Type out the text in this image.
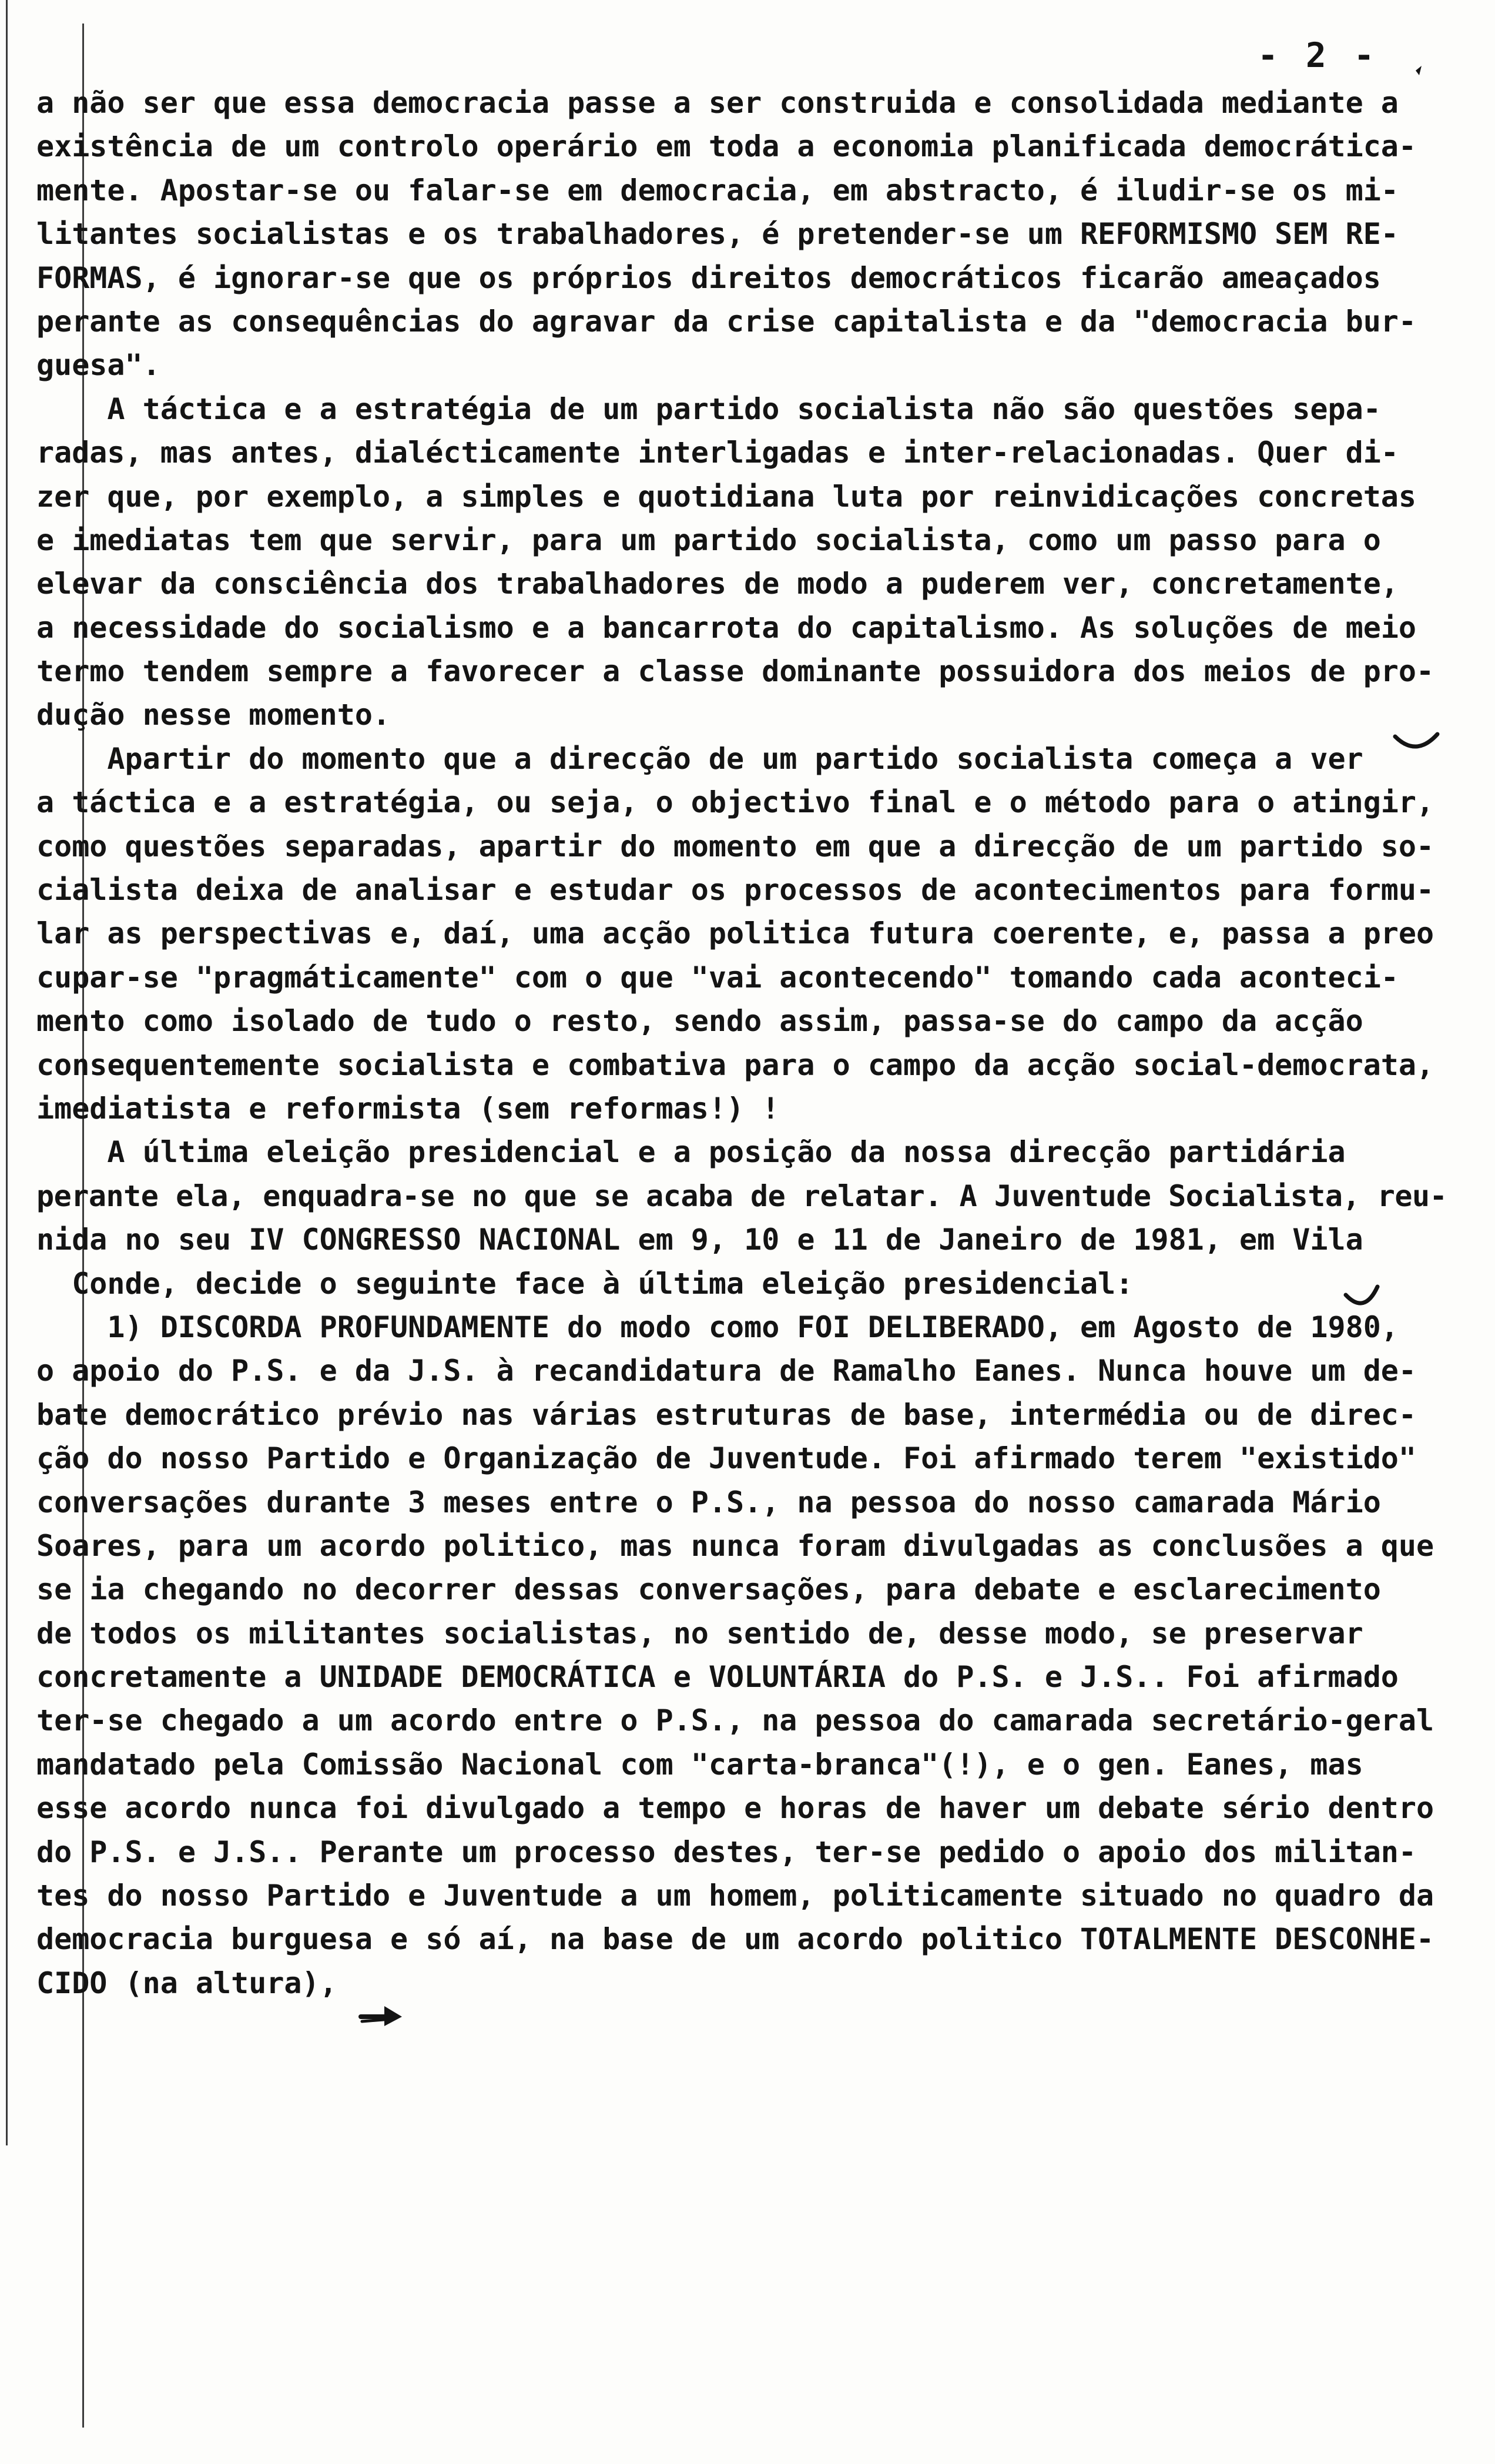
- 2 -
a não ser que essa democracia passe a ser construida e consolidada mediante a
existência de um controlo operário em toda a economia planificada democrática-
mente. Apostar-se ou falar-se em democracia, em abstracto, é iludir-se os mi-
litantes socialistas e os trabalhadores, é pretender-se um REFORMISMO SEM RE-
FORMAS, é ignorar-se que os próprios direitos democráticos ficarão ameaçados
perante as consequências do agravar da crise capitalista e da "democracia bur-
guesa".
A táctica e a estratégia de um partido socialista não são questões sepa-
radas, mas antes, dialécticamente interligadas e inter-relacionadas. Quer di-
zer que, por exemplo, a simples e quotidiana luta por reinvidicações concretas
e imediatas tem que servir, para um partido socialista, como um passo para o
elevar da consciência dos trabalhadores de modo a puderem ver, concretamente,
a necessidade do socialismo e a bancarrota do capitalismo. As soluções de meio
termo tendem sempre a favorecer a classe dominante possuidora dos meios de pro-
dução nesse momento.
Apartir do momento que a direcção de um partido socialista começa a ver
a táctica e a estratégia, ou seja, o objectivo final e o método para o atingir,
como questões separadas, apartir do momento em que a direcção de um partido so-
cialista deixa de analisar e estudar os processos de acontecimentos para formu-
lar as perspectivas e, daí, uma acção politica futura coerente, e, passa a preo
cupar-se "pragmáticamente" com o que "vai acontecendo" tomando cada aconteci-
mento como isolado de tudo o resto, sendo assim, passa-se do campo da acção
consequentemente socialista e combativa para o campo da acção social-democrata,
imediatista e reformista (sem reformas!) !
A última eleição presidencial e a posição da nossa direcção partidária
perante ela, enquadra-se no que se acaba de relatar. A Juventude Socialista, reu-
nida no seu IV CONGRESSO NACIONAL em 9, 10 e 11 de Janeiro de 1981, em Vila
Conde, decide o seguinte face à última eleição presidencial:
1) DISCORDA PROFUNDAMENTE do modo como FOI DELIBERADO, em Agosto de 1980,
o apoio do P.S. e da J.S. à recandidatura de Ramalho Eanes. Nunca houve um de-
bate democrático prévio nas várias estruturas de base, intermédia ou de direc-
ção do nosso Partido e Organização de Juventude. Foi afirmado terem "existido"
conversações durante 3 meses entre o P.S., na pessoa do nosso camarada Mário
Soares, para um acordo politico, mas nunca foram divulgadas as conclusões a que
se ia chegando no decorrer dessas conversações, para debate e esclarecimento
de todos os militantes socialistas, no sentido de, desse modo, se preservar
concretamente a UNIDADE DEMOCRÁTICA e VOLUNTÁRIA do P.S. e J.S.. Foi afirmado
ter-se chegado a um acordo entre o P.S., na pessoa do camarada secretário-geral
mandatado pela Comissão Nacional com "carta-branca"(!), e o gen. Eanes, mas
esse acordo nunca foi divulgado a tempo e horas de haver um debate sério dentro
do P.S. e J.S.. Perante um processo destes, ter-se pedido o apoio dos militan-
tes do nosso Partido e Juventude a um homem, politicamente situado no quadro da
democracia burguesa e só aí, na base de um acordo politico TOTALMENTE DESCONHE-
CIDO (na altura),
